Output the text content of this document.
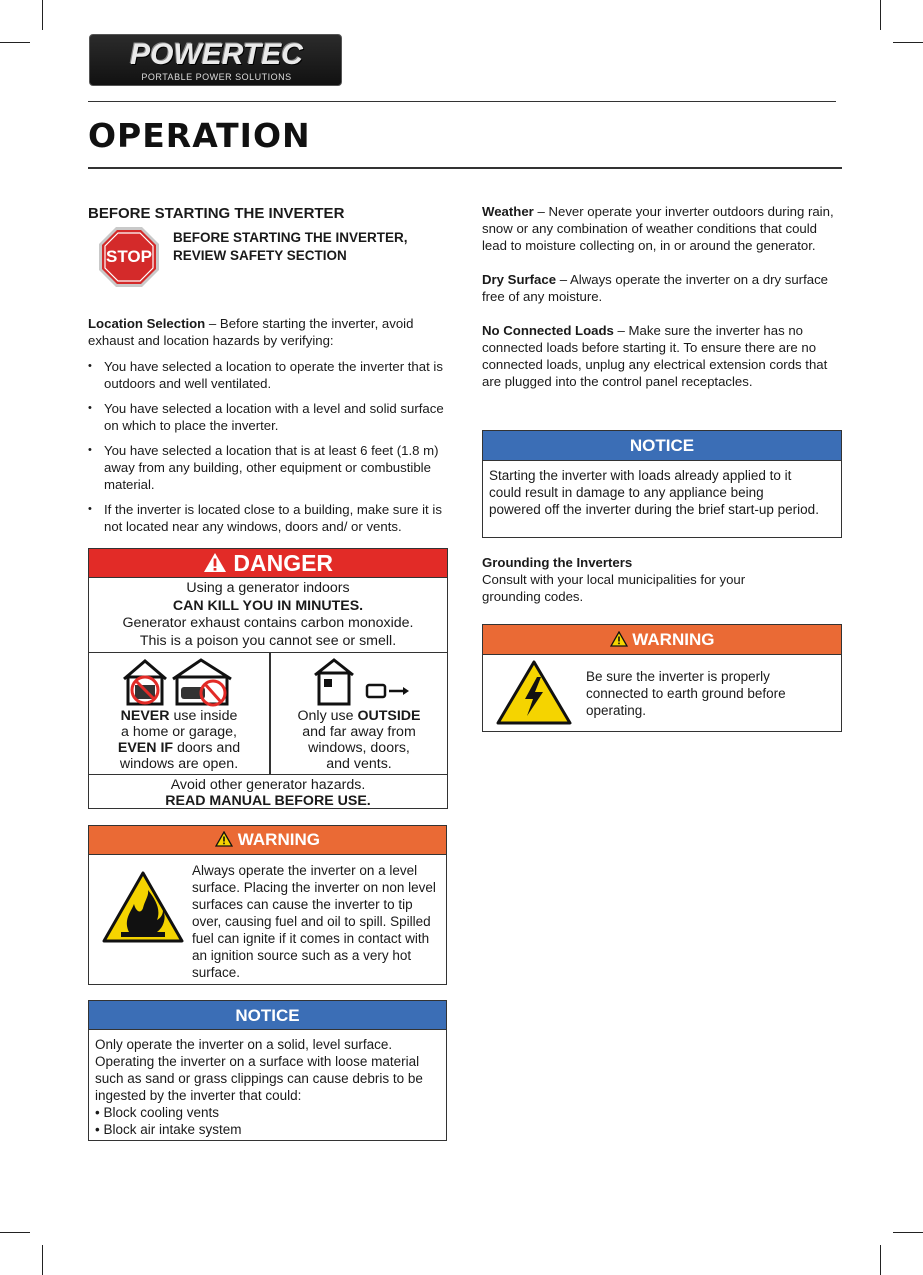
POWERTEC
PORTABLE POWER SOLUTIONS
OPERATION

BEFORE STARTING THE INVERTER

STOP
BEFORE STARTING THE INVERTER,
REVIEW SAFETY SECTION

Location Selection – Before starting the inverter, avoid exhaust and location hazards by verifying:

• You have selected a location to operate the inverter that is outdoors and well ventilated.
• You have selected a location with a level and solid surface on which to place the inverter.
• You have selected a location that is at least 6 feet (1.8 m) away from any building, other equipment or combustible material.
• If the inverter is located close to a building, make sure it is not located near any windows, doors and/ or vents.
DANGER
Using a generator indoors
CAN KILL YOU IN MINUTES.
Generator exhaust contains carbon monoxide.
This is a poison you cannot see or smell.
NEVER use inside
a home or garage,
EVEN IF doors and
windows are open.
Only use OUTSIDE
and far away from
windows, doors,
and vents.
Avoid other generator hazards.
READ MANUAL BEFORE USE.
WARNING
Always operate the inverter on a level surface. Placing the inverter on non level surfaces can cause the inverter to tip over, causing fuel and oil to spill. Spilled fuel can ignite if it comes in contact with an ignition source such as a very hot surface.
NOTICE
Only operate the inverter on a solid, level surface. Operating the inverter on a surface with loose material such as sand or grass clippings can cause debris to be ingested by the inverter that could:
• Block cooling vents
• Block air intake system

Weather – Never operate your inverter outdoors during rain, snow or any combination of weather conditions that could lead to moisture collecting on, in or around the generator.

Dry Surface – Always operate the inverter on a dry surface free of any moisture.

No Connected Loads – Make sure the inverter has no connected loads before starting it. To ensure there are no connected loads, unplug any electrical extension cords that are plugged into the control panel receptacles.

NOTICE
Starting the inverter with loads already applied to it could result in damage to any appliance being powered off the inverter during the brief start-up period.

Grounding the Inverters

Consult with your local municipalities for your grounding codes.

WARNING
Be sure the inverter is properly connected to earth ground before operating.
